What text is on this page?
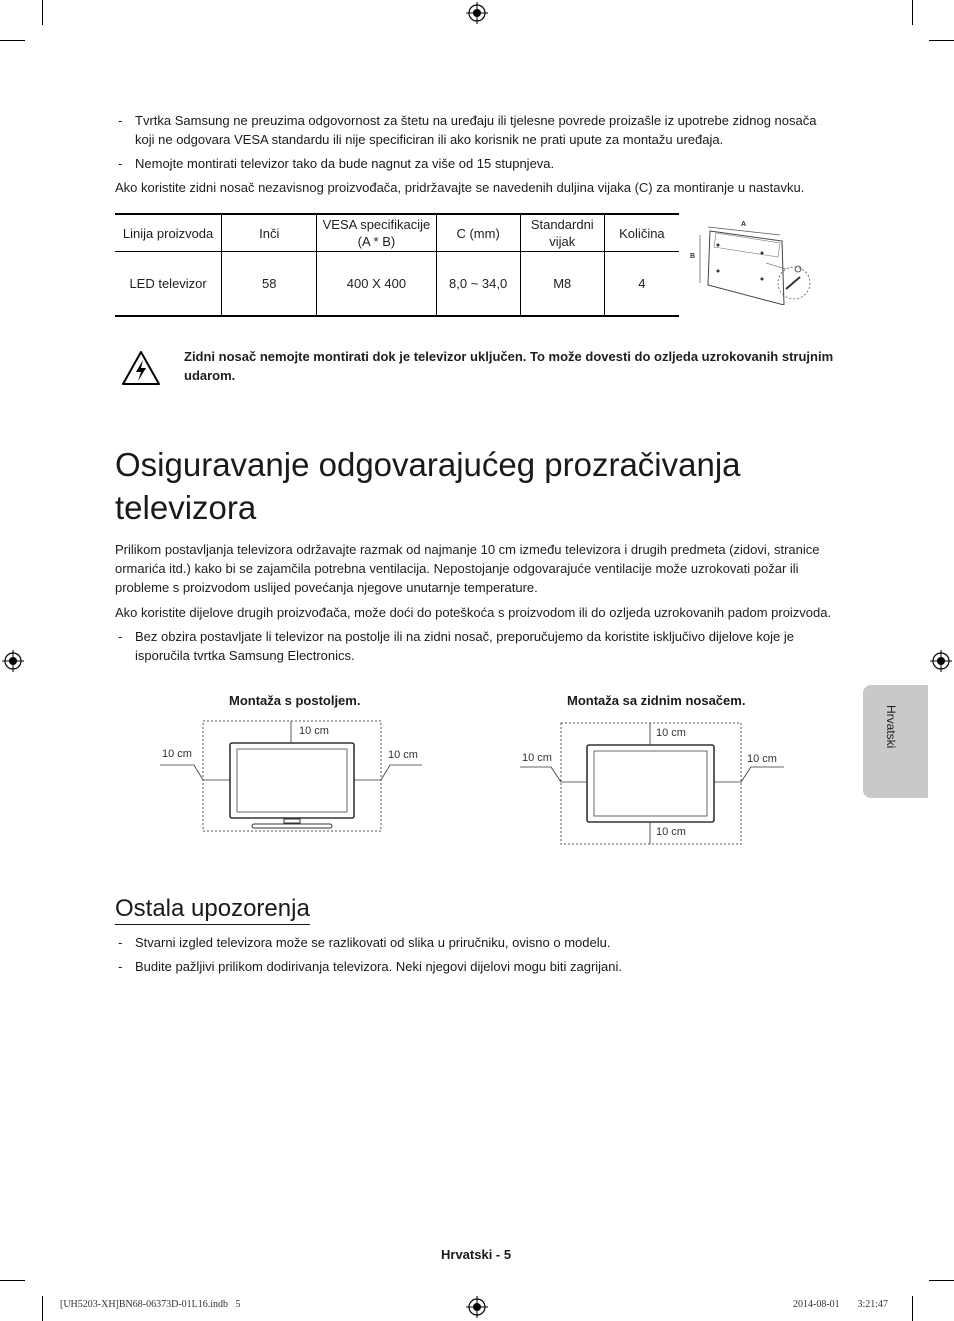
- Tvrtka Samsung ne preuzima odgovornost za štetu na uređaju ili tjelesne povrede proizašle iz upotrebe zidnog nosača koji ne odgovara VESA standardu ili nije specificiran ili ako korisnik ne prati upute za montažu uređaja.
- Nemojte montirati televizor tako da bude nagnut za više od 15 stupnjeva.
Ako koristite zidni nosač nezavisnog proizvođača, pridržavajte se navedenih duljina vijaka (C) za montiranje u nastavku.
Linija proizvoda	Inči	VESA specifikacije (A * B)	C (mm)	Standardni vijak	Količina
LED televizor	58	400 X 400	8,0 ~ 34,0	M8	4
A
B
Zidni nosač nemojte montirati dok je televizor uključen. To može dovesti do ozljeda uzrokovanih strujnim udarom.
Osiguravanje odgovarajućeg prozračivanja televizora
Prilikom postavljanja televizora održavajte razmak od najmanje 10 cm između televizora i drugih predmeta (zidovi, stranice ormarića itd.) kako bi se zajamčila potrebna ventilacija. Nepostojanje odgovarajuće ventilacije može uzrokovati požar ili probleme s proizvodom uslijed povećanja njegove unutarnje temperature.
Ako koristite dijelove drugih proizvođača, može doći do poteškoća s proizvodom ili do ozljeda uzrokovanih padom proizvoda.
- Bez obzira postavljate li televizor na postolje ili na zidni nosač, preporučujemo da koristite isključivo dijelove koje je isporučila tvrtka Samsung Electronics.
Montaža s postoljem.
10 cm
10 cm	10 cm
Montaža sa zidnim nosačem.
10 cm
10 cm	10 cm
10 cm
Hrvatski
Ostala upozorenja
- Stvarni izgled televizora može se razlikovati od slika u priručniku, ovisno o modelu.
- Budite pažljivi prilikom dodirivanja televizora. Neki njegovi dijelovi mogu biti zagrijani.
Hrvatski - 5
[UH5203-XH]BN68-06373D-01L16.indb   5	2014-08-01     3:21:47
